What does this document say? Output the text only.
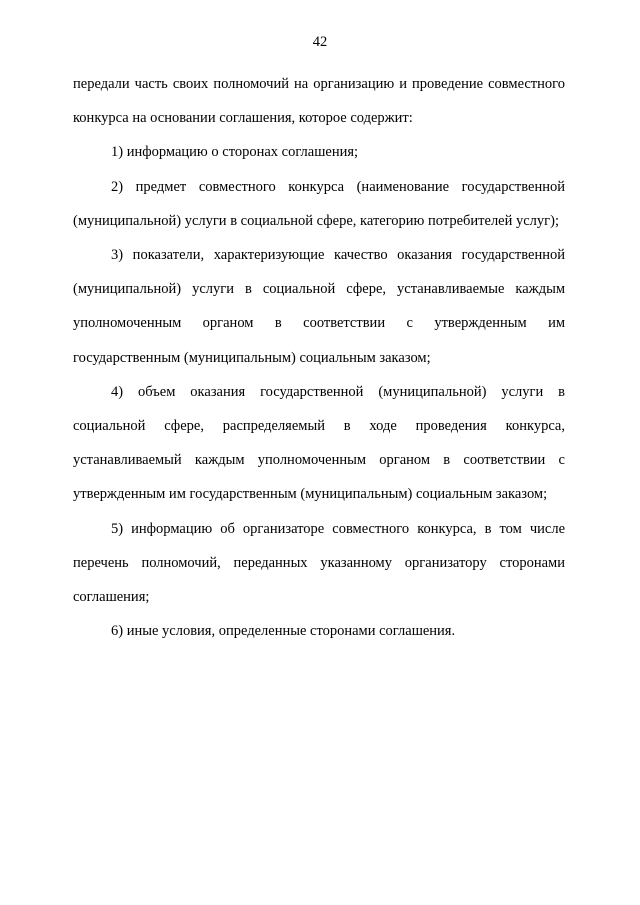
42

передали часть своих полномочий на организацию и проведение совместного конкурса на основании соглашения, которое содержит:

1) информацию о сторонах соглашения;

2) предмет совместного конкурса (наименование государственной (муниципальной) услуги в социальной сфере, категорию потребителей услуг);

3) показатели, характеризующие качество оказания государственной (муниципальной) услуги в социальной сфере, устанавливаемые каждым уполномоченным органом в соответствии с утвержденным им государственным (муниципальным) социальным заказом;

4) объем оказания государственной (муниципальной) услуги в социальной сфере, распределяемый в ходе проведения конкурса, устанавливаемый каждым уполномоченным органом в соответствии с утвержденным им государственным (муниципальным) социальным заказом;

5) информацию об организаторе совместного конкурса, в том числе перечень полномочий, переданных указанному организатору сторонами соглашения;

6) иные условия, определенные сторонами соглашения.
